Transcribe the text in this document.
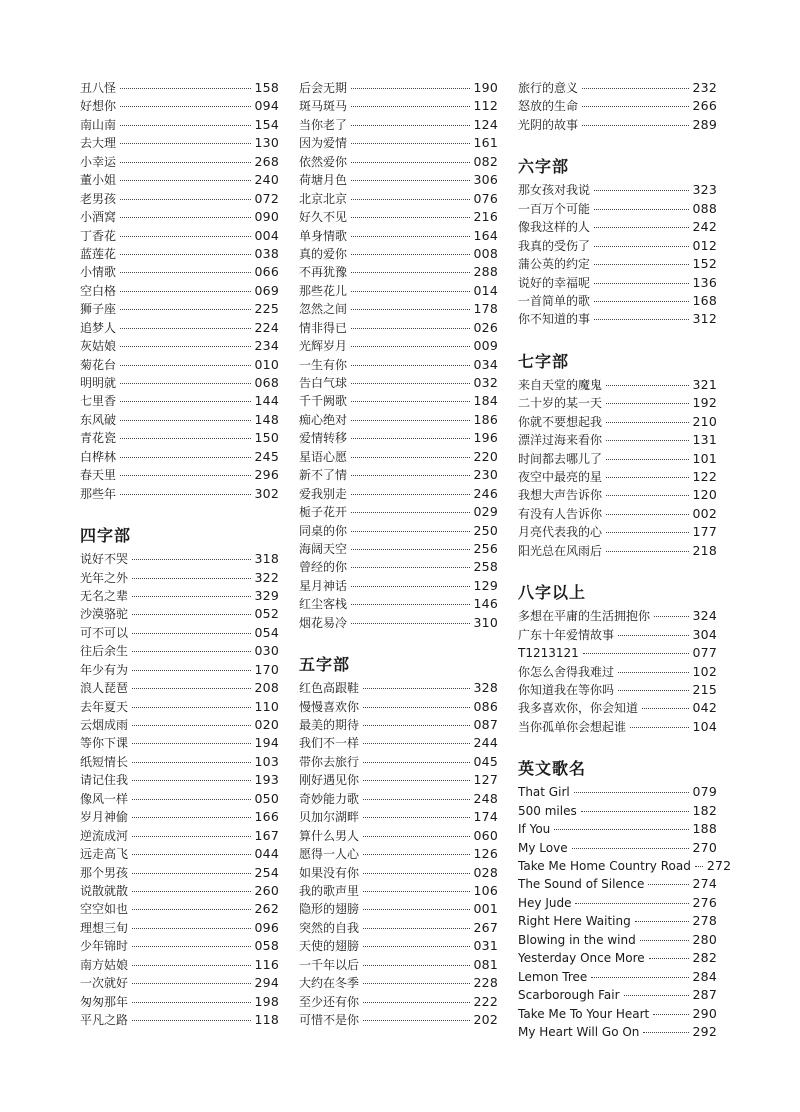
丑八怪	158
好想你	094
南山南	154
去大理	130
小幸运	268
董小姐	240
老男孩	072
小酒窝	090
丁香花	004
蓝莲花	038
小情歌	066
空白格	069
狮子座	225
追梦人	224
灰姑娘	234
菊花台	010
明明就	068
七里香	144
东风破	148
青花瓷	150
白桦林	245
春天里	296
那些年	302
四字部
说好不哭	318
光年之外	322
无名之辈	329
沙漠骆驼	052
可不可以	054
往后余生	030
年少有为	170
浪人琵琶	208
去年夏天	110
云烟成雨	020
等你下课	194
纸短情长	103
请记住我	193
像风一样	050
岁月神偷	166
逆流成河	167
远走高飞	044
那个男孩	254
说散就散	260
空空如也	262
理想三旬	096
少年锦时	058
南方姑娘	116
一次就好	294
匆匆那年	198
平凡之路	118
后会无期	190
斑马斑马	112
当你老了	124
因为爱情	161
依然爱你	082
荷塘月色	306
北京北京	076
好久不见	216
单身情歌	164
真的爱你	008
不再犹豫	288
那些花儿	014
忽然之间	178
情非得已	026
光辉岁月	009
一生有你	034
告白气球	032
千千阙歌	184
痴心绝对	186
爱情转移	196
星语心愿	220
新不了情	230
爱我别走	246
栀子花开	029
同桌的你	250
海阔天空	256
曾经的你	258
星月神话	129
红尘客栈	146
烟花易冷	310
五字部
红色高跟鞋	328
慢慢喜欢你	086
最美的期待	087
我们不一样	244
带你去旅行	045
刚好遇见你	127
奇妙能力歌	248
贝加尔湖畔	174
算什么男人	060
愿得一人心	126
如果没有你	028
我的歌声里	106
隐形的翅膀	001
突然的自我	267
天使的翅膀	031
一千年以后	081
大约在冬季	228
至少还有你	222
可惜不是你	202
旅行的意义	232
怒放的生命	266
光阴的故事	289
六字部
那女孩对我说	323
一百万个可能	088
像我这样的人	242
我真的受伤了	012
蒲公英的约定	152
说好的幸福呢	136
一首简单的歌	168
你不知道的事	312
七字部
来自天堂的魔鬼	321
二十岁的某一天	192
你就不要想起我	210
漂洋过海来看你	131
时间都去哪儿了	101
夜空中最亮的星	122
我想大声告诉你	120
有没有人告诉你	002
月亮代表我的心	177
阳光总在风雨后	218
八字以上
多想在平庸的生活拥抱你	324
广东十年爱情故事	304
T1213121	077
你怎么舍得我难过	102
你知道我在等你吗	215
我多喜欢你，你会知道	042
当你孤单你会想起谁	104
英文歌名
That Girl	079
500 miles	182
If You	188
My Love	270
Take Me Home Country Road 272
The Sound of Silence	274
Hey Jude	276
Right Here Waiting	278
Blowing in the wind	280
Yesterday Once More	282
Lemon Tree	284
Scarborough Fair	287
Take Me To Your Heart	290
My Heart Will Go On	292
